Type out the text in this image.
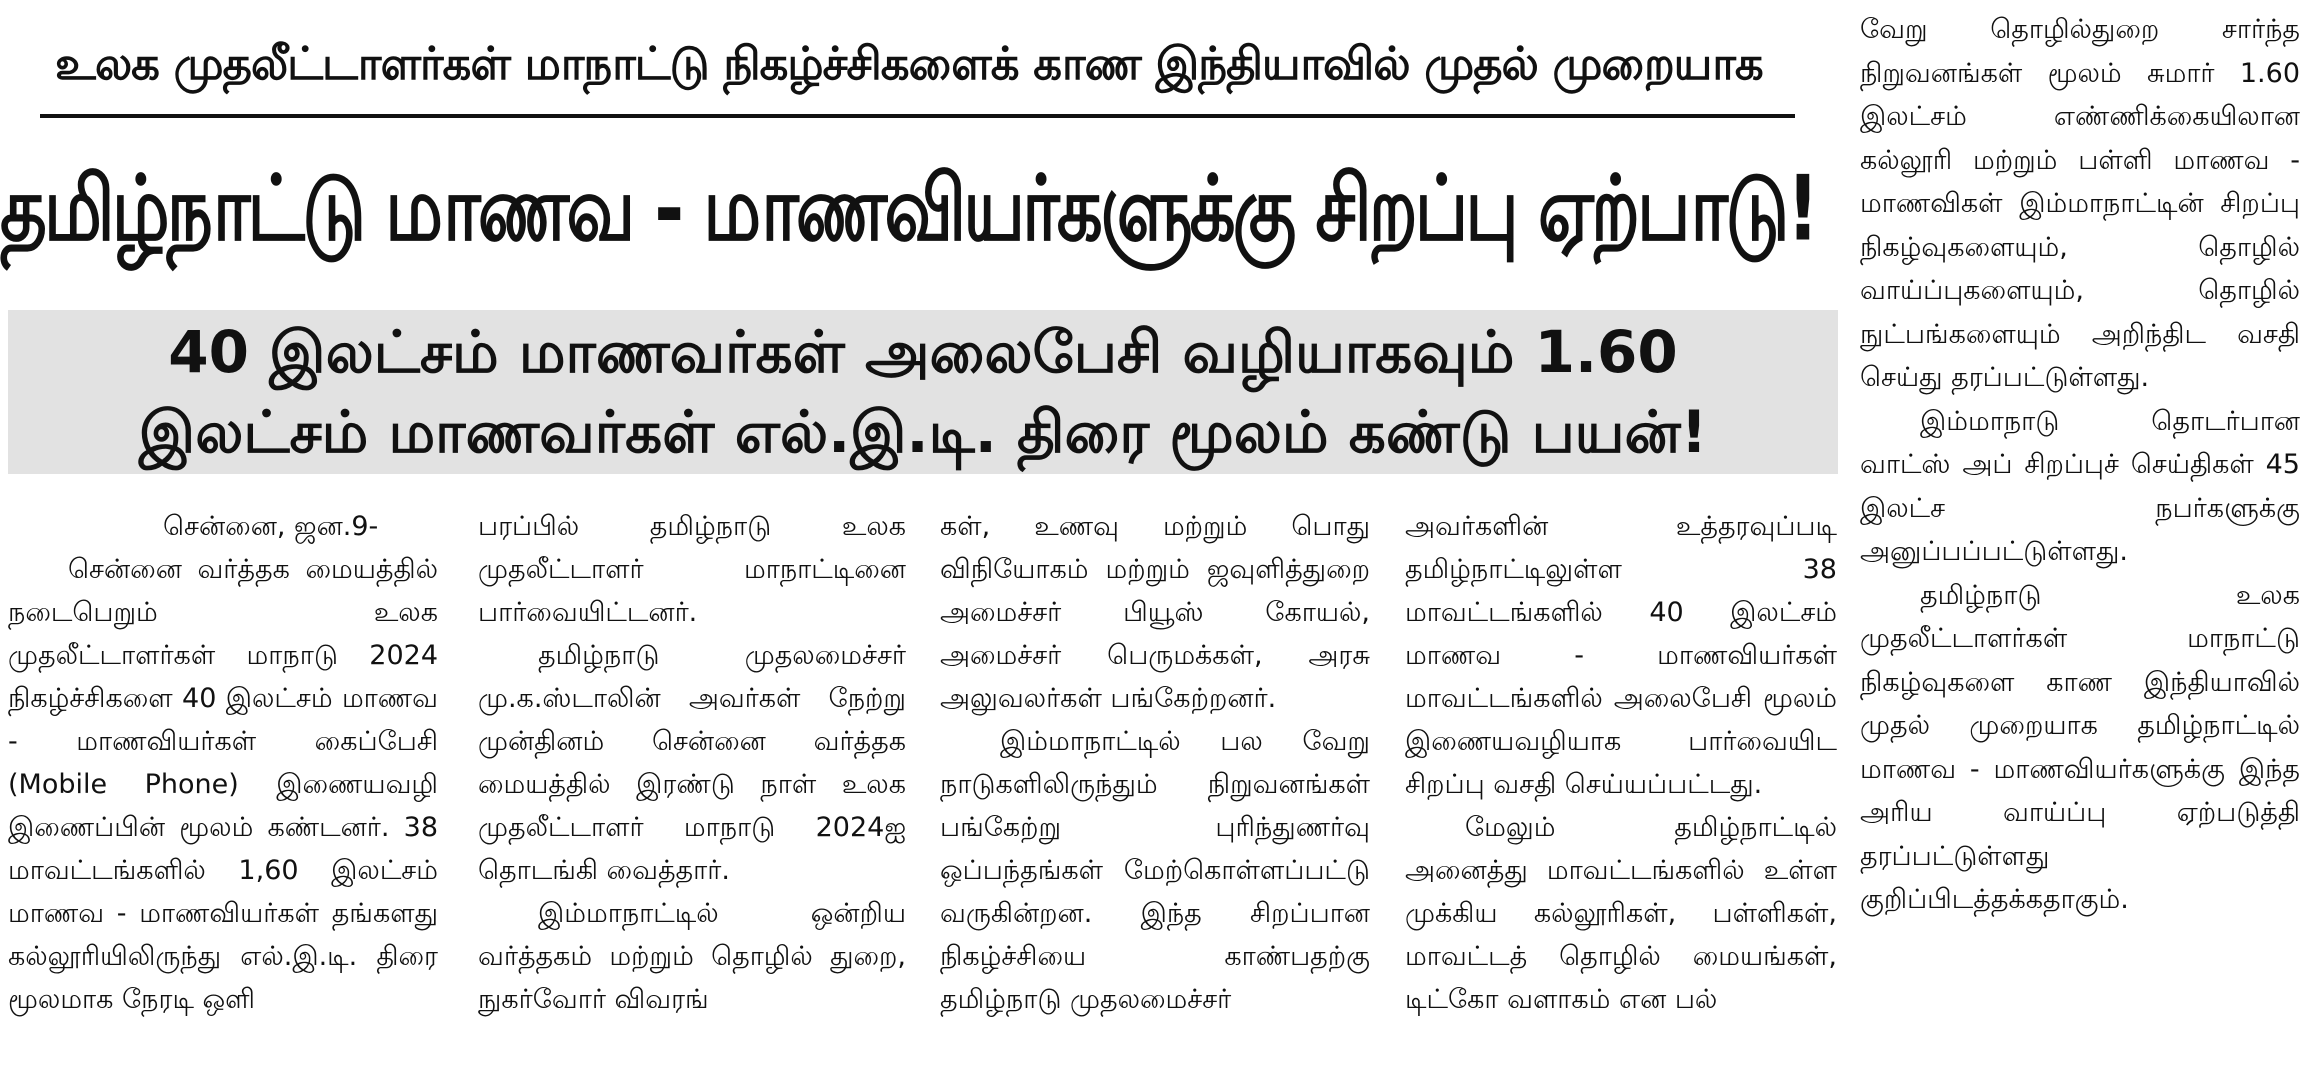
உலக முதலீட்டாளர்கள் மாநாட்டு நிகழ்ச்சிகளைக் காண இந்தியாவில் முதல் முறையாக
தமிழ்நாட்டு மாணவ - மாணவியர்களுக்கு சிறப்பு ஏற்பாடு!
40 இலட்சம் மாணவர்கள் அலைபேசி வழியாகவும் 1.60
இலட்சம் மாணவர்கள் எல்.இ.டி. திரை மூலம் கண்டு பயன்!

சென்னை, ஜன.9-

சென்னை வர்த்தக மையத்தில் நடைபெறும் உலக முதலீட்டாளர்கள் மாநாடு 2024 நிகழ்ச்சிகளை 40 இலட்சம் மாணவ - மாணவியர்கள் கைப்பேசி (Mobile Phone) இணையவழி இணைப்பின் மூலம் கண்டனர். 38 மாவட்டங்களில் 1,60 இலட்சம் மாணவ - மாணவியர்கள் தங்களது கல்லூரியிலிருந்து எல்.இ.டி. திரை மூலமாக நேரடி ஒளி

பரப்பில் தமிழ்நாடு உலக முதலீட்டாளர் மாநாட்டினை பார்வையிட்டனர்.

தமிழ்நாடு முதலமைச்சர் மு.க.ஸ்டாலின் அவர்கள் நேற்று முன்தினம் சென்னை வர்த்தக மையத்தில் இரண்டு நாள் உலக முதலீட்டாளர் மாநாடு 2024ஐ தொடங்கி வைத்தார்.

இம்மாநாட்டில் ஒன்றிய வர்த்தகம் மற்றும் தொழில் துறை, நுகர்வோர் விவரங்

கள், உணவு மற்றும் பொது விநியோகம் மற்றும் ஜவுளித்துறை அமைச்சர் பியூஸ் கோயல், அமைச்சர் பெருமக்கள், அரசு அலுவலர்கள் பங்கேற்றனர்.

இம்மாநாட்டில் பல வேறு நாடுகளிலிருந்தும் நிறுவனங்கள் பங்கேற்று புரிந்துணர்வு ஒப்பந்தங்கள் மேற்கொள்ளப்பட்டு வருகின்றன. இந்த சிறப்பான நிகழ்ச்சியை காண்பதற்கு தமிழ்நாடு முதலமைச்சர்

அவர்களின் உத்தரவுப்படி தமிழ்நாட்டிலுள்ள 38 மாவட்டங்களில் 40 இலட்சம் மாணவ - மாணவியர்கள் மாவட்டங்களில் அலைபேசி மூலம் இணையவழியாக பார்வையிட சிறப்பு வசதி செய்யப்பட்டது.

மேலும் தமிழ்நாட்டில் அனைத்து மாவட்டங்களில் உள்ள முக்கிய கல்லூரிகள், பள்ளிகள், மாவட்டத் தொழில் மையங்கள், டிட்கோ வளாகம் என பல்

வேறு தொழில்துறை சார்ந்த நிறுவனங்கள் மூலம் சுமார் 1.60 இலட்சம் எண்ணிக்கையிலான கல்லூரி மற்றும் பள்ளி மாணவ - மாணவிகள் இம்மாநாட்டின் சிறப்பு நிகழ்வுகளையும், தொழில் வாய்ப்புகளையும், தொழில் நுட்பங்களையும் அறிந்திட வசதி செய்து தரப்பட்டுள்ளது.

இம்மாநாடு தொடர்பான வாட்ஸ் அப் சிறப்புச் செய்திகள் 45 இலட்ச நபர்களுக்கு அனுப்பப்பட்டுள்ளது.

தமிழ்நாடு உலக முதலீட்டாளர்கள் மாநாட்டு நிகழ்வுகளை காண இந்தியாவில் முதல் முறையாக தமிழ்நாட்டில் மாணவ - மாணவியர்களுக்கு இந்த அரிய வாய்ப்பு ஏற்படுத்தி தரப்பட்டுள்ளது குறிப்பிடத்தக்கதாகும்.
